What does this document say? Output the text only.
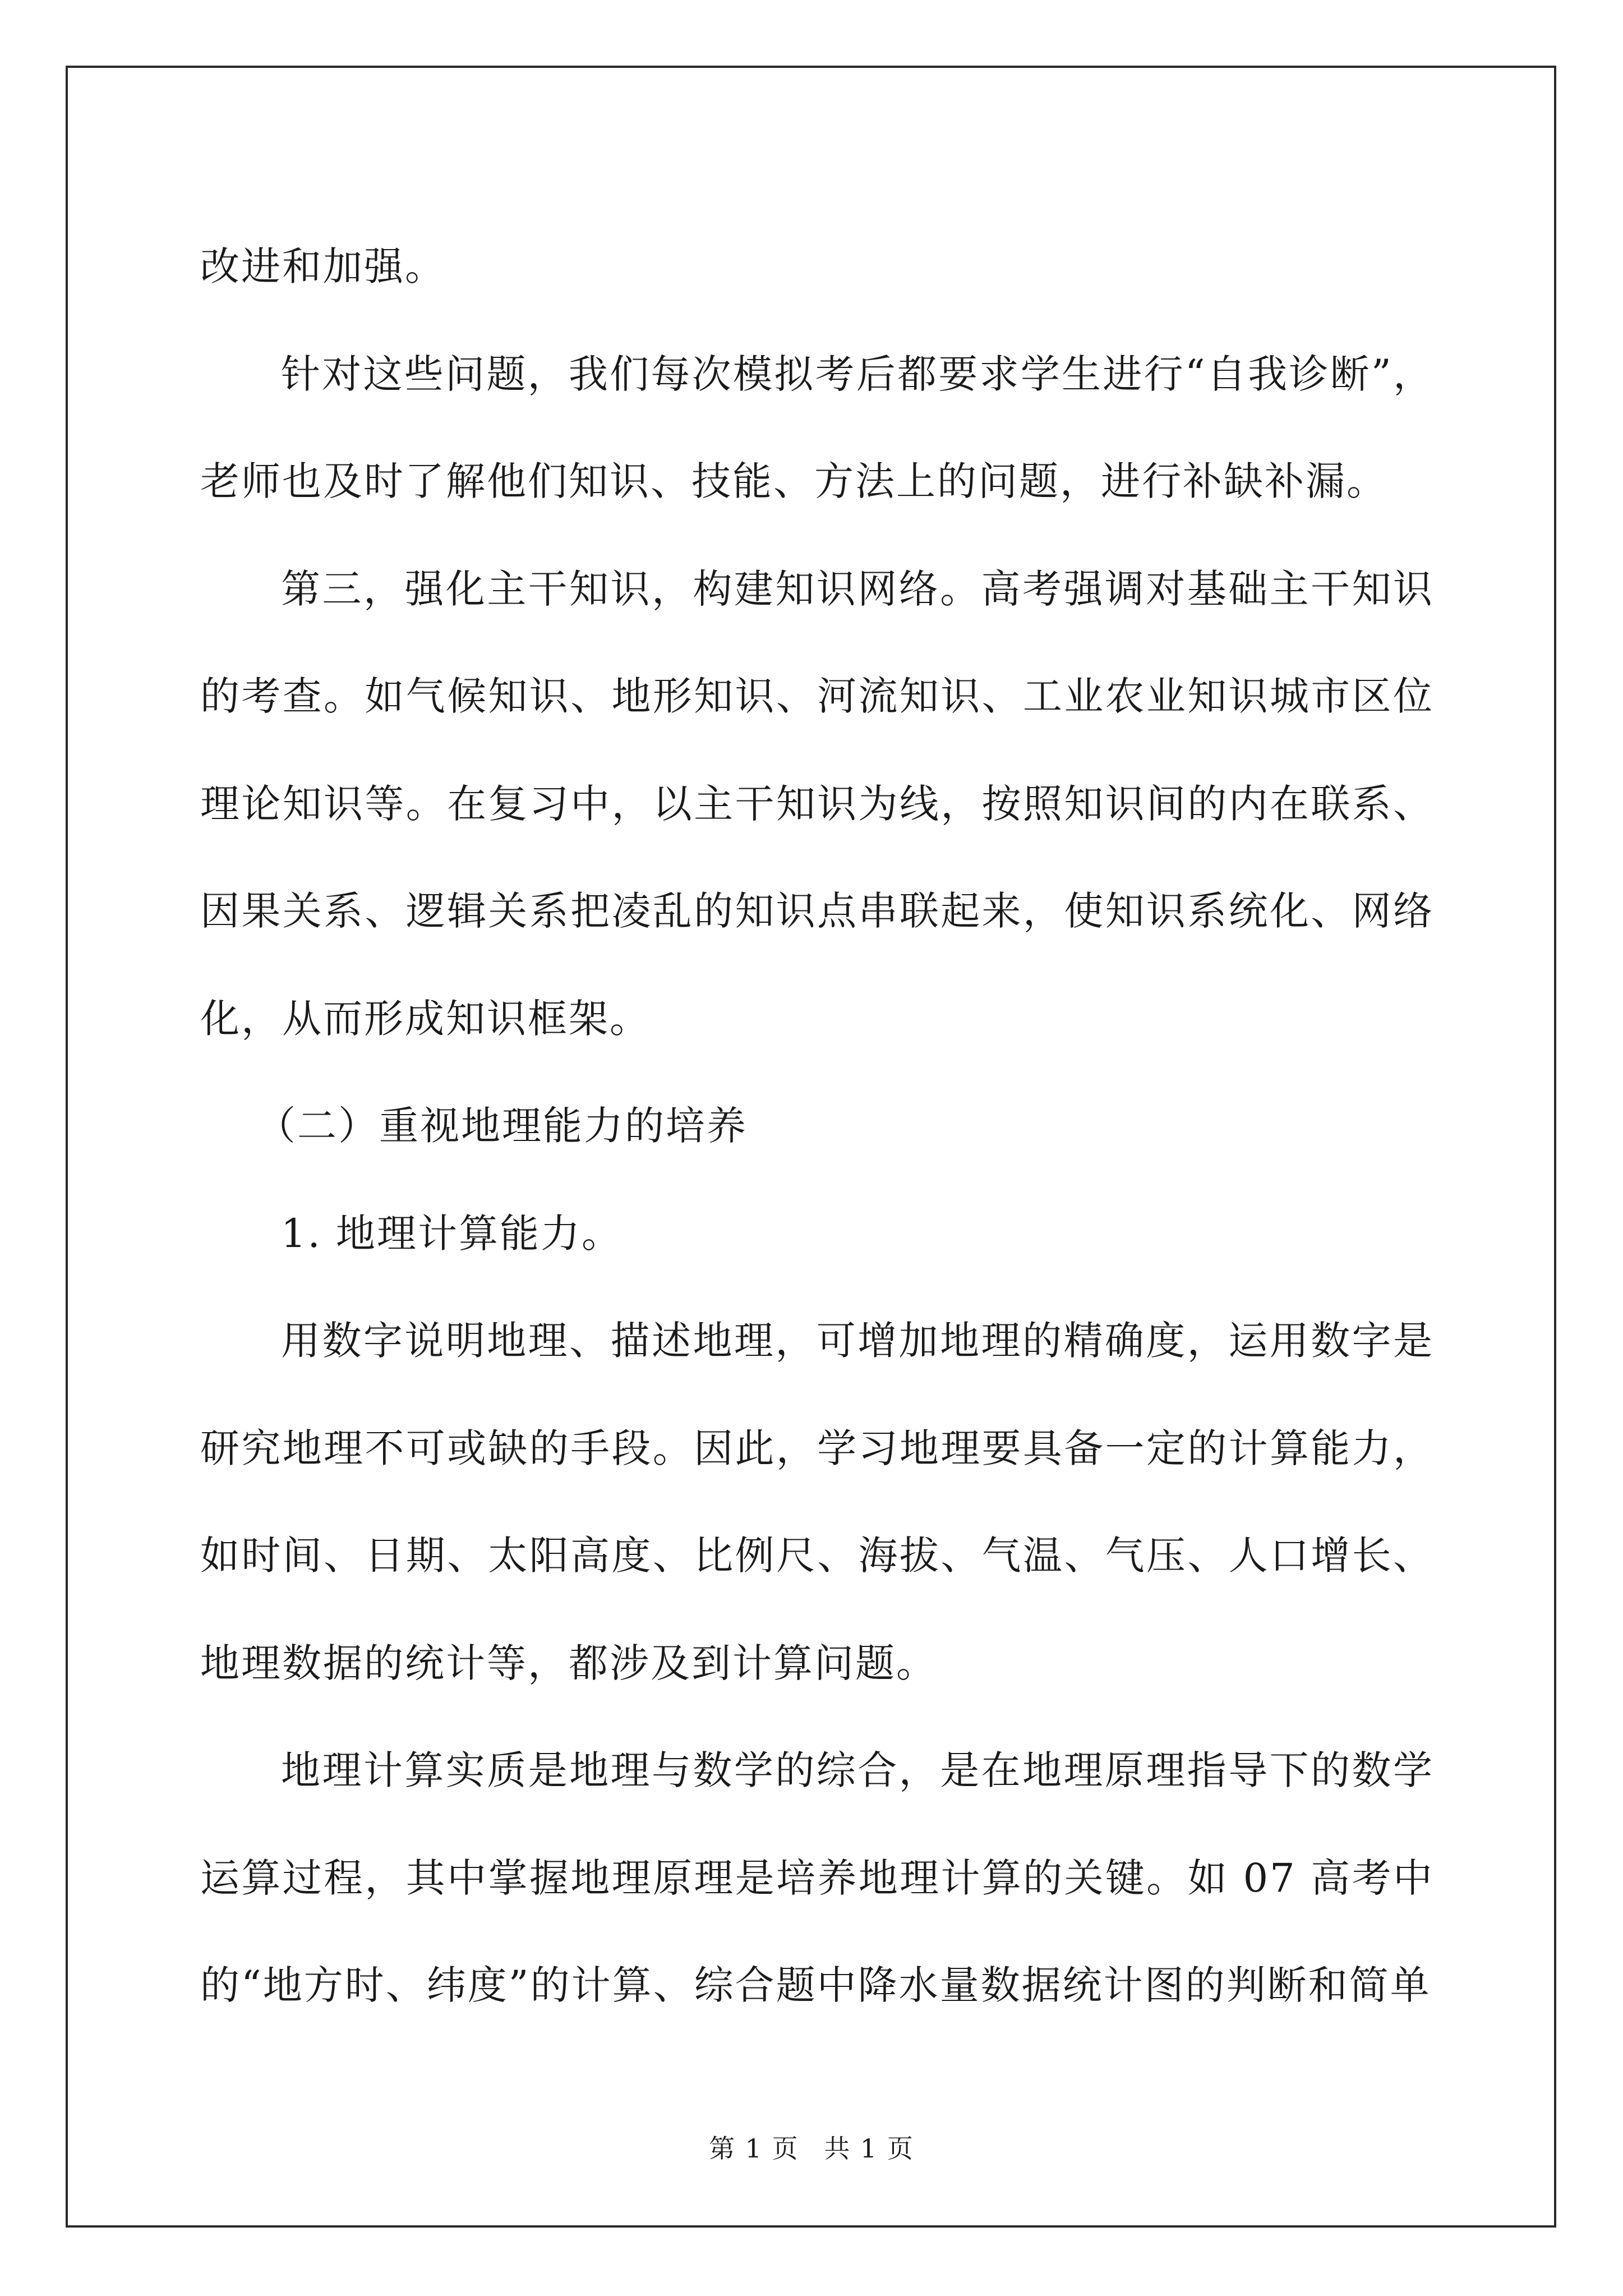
改进和加强。

针对这些问题，我们每次模拟考后都要求学生进行“自我诊断”，老师也及时了解他们知识、技能、方法上的问题，进行补缺补漏。

第三，强化主干知识，构建知识网络。高考强调对基础主干知识的考查。如气候知识、地形知识、河流知识、工业农业知识城市区位理论知识等。在复习中，以主干知识为线，按照知识间的内在联系、因果关系、逻辑关系把凌乱的知识点串联起来，使知识系统化、网络化，从而形成知识框架。

（二）重视地理能力的培养

1. 地理计算能力。

用数字说明地理、描述地理，可增加地理的精确度，运用数字是研究地理不可或缺的手段。因此，学习地理要具备一定的计算能力，如时间、日期、太阳高度、比例尺、海拔、气温、气压、人口增长、地理数据的统计等，都涉及到计算问题。

地理计算实质是地理与数学的综合，是在地理原理指导下的数学运算过程，其中掌握地理原理是培养地理计算的关键。如 07 高考中的“地方时、纬度”的计算、综合题中降水量数据统计图的判断和简单

第 1 页 共 1 页
